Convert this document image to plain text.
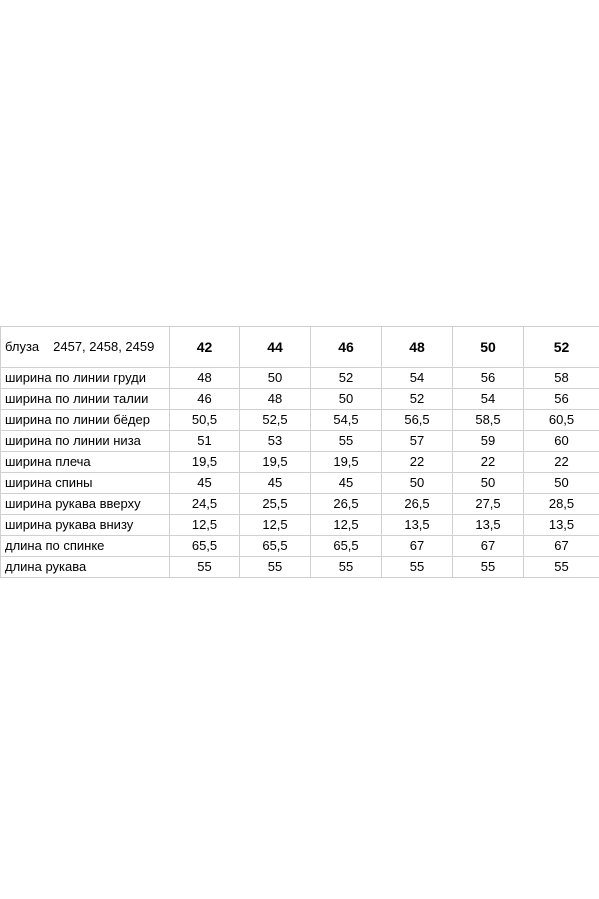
блуза 2457, 2458, 2459	42	44	46	48	50	52
ширина по линии груди	48	50	52	54	56	58
ширина по линии талии	46	48	50	52	54	56
ширина по линии бёдер	50,5	52,5	54,5	56,5	58,5	60,5
ширина по линии низа	51	53	55	57	59	60
ширина плеча	19,5	19,5	19,5	22	22	22
ширина спины	45	45	45	50	50	50
ширина рукава вверху	24,5	25,5	26,5	26,5	27,5	28,5
ширина рукава внизу	12,5	12,5	12,5	13,5	13,5	13,5
длина по спинке	65,5	65,5	65,5	67	67	67
длина рукава	55	55	55	55	55	55
